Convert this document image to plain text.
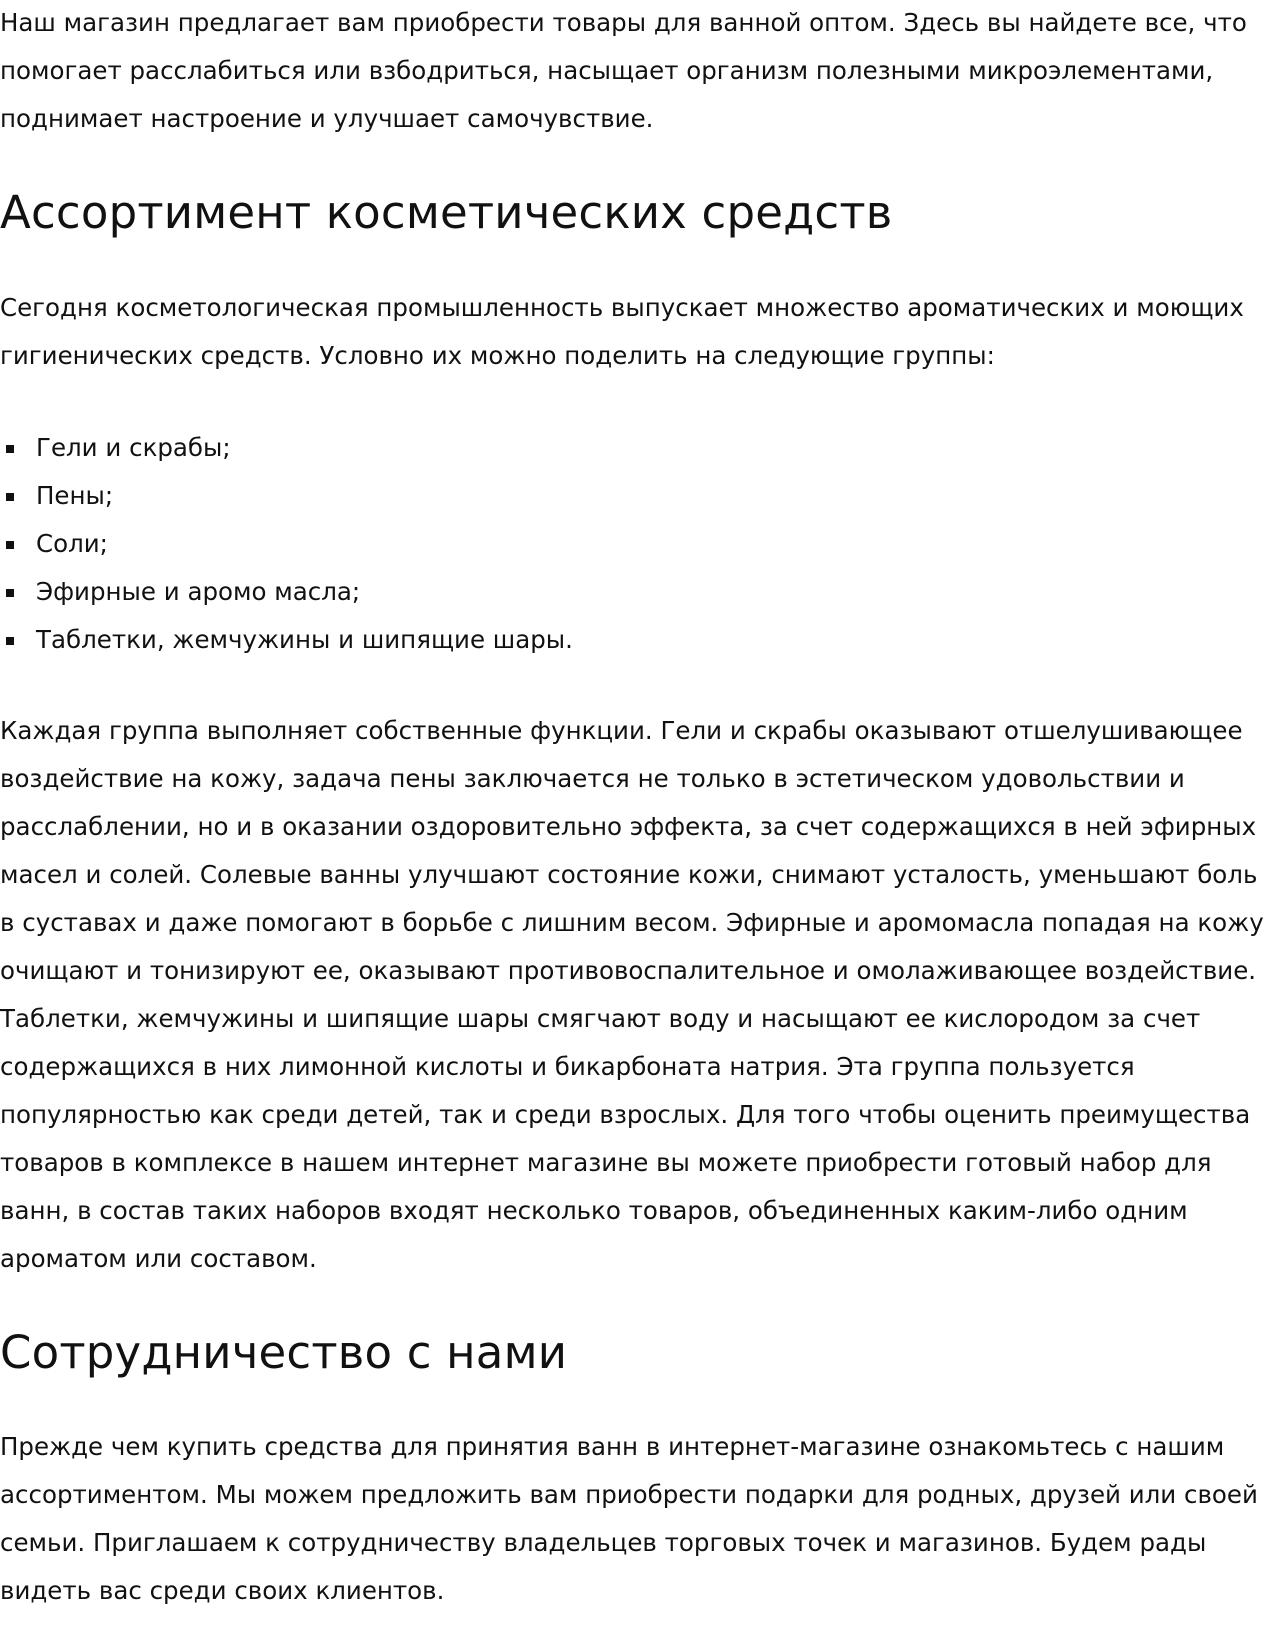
Наш магазин предлагает вам приобрести товары для ванной оптом. Здесь вы найдете все, что помогает расслабиться или взбодриться, насыщает организм полезными микроэлементами, поднимает настроение и улучшает самочувствие.

Ассортимент косметических средств

Сегодня косметологическая промышленность выпускает множество ароматических и моющих гигиенических средств. Условно их можно поделить на следующие группы:

Гели и скрабы;
Пены;
Соли;
Эфирные и аромо масла;
Таблетки, жемчужины и шипящие шары.

Каждая группа выполняет собственные функции. Гели и скрабы оказывают отшелушивающее воздействие на кожу, задача пены заключается не только в эстетическом удовольствии и расслаблении, но и в оказании оздоровительно эффекта, за счет содержащихся в ней эфирных масел и солей. Солевые ванны улучшают состояние кожи, снимают усталость, уменьшают боль в суставах и даже помогают в борьбе с лишним весом. Эфирные и аромомасла попадая на кожу очищают и тонизируют ее, оказывают противовоспалительное и омолаживающее воздействие. Таблетки, жемчужины и шипящие шары смягчают воду и насыщают ее кислородом за счет содержащихся в них лимонной кислоты и бикарбоната натрия. Эта группа пользуется популярностью как среди детей, так и среди взрослых. Для того чтобы оценить преимущества товаров в комплексе в нашем интернет магазине вы можете приобрести готовый набор для ванн, в состав таких наборов входят несколько товаров, объединенных каким-либо одним ароматом или составом.

Сотрудничество с нами

Прежде чем купить средства для принятия ванн в интернет-магазине ознакомьтесь с нашим ассортиментом. Мы можем предложить вам приобрести подарки для родных, друзей или своей семьи. Приглашаем к сотрудничеству владельцев торговых точек и магазинов. Будем рады видеть вас среди своих клиентов.
